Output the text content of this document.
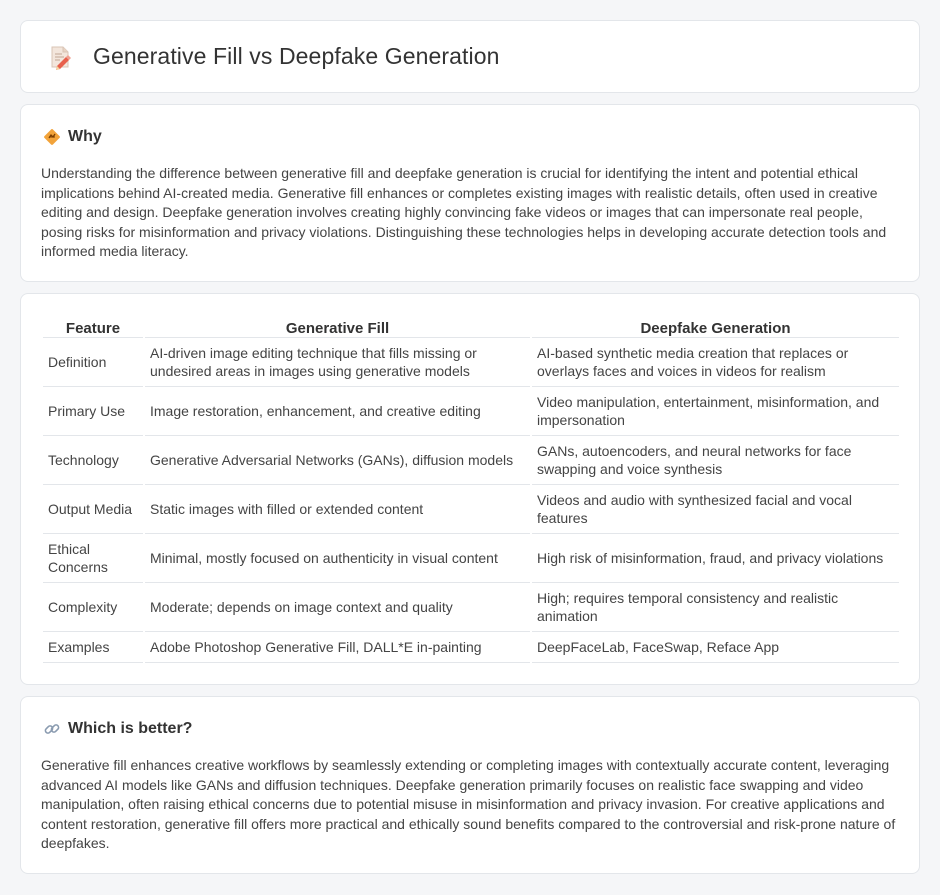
Generative Fill vs Deepfake Generation
Why

Understanding the difference between generative fill and deepfake generation is crucial for identifying the intent and potential ethical implications behind AI-created media. Generative fill enhances or completes existing images with realistic details, often used in creative editing and design. Deepfake generation involves creating highly convincing fake videos or images that can impersonate real people, posing risks for misinformation and privacy violations. Distinguishing these technologies helps in developing accurate detection tools and informed media literacy.

Feature	Generative Fill	Deepfake Generation
Definition	AI-driven image editing technique that fills missing or undesired areas in images using generative models	AI-based synthetic media creation that replaces or overlays faces and voices in videos for realism
Primary Use	Image restoration, enhancement, and creative editing	Video manipulation, entertainment, misinformation, and impersonation
Technology	Generative Adversarial Networks (GANs), diffusion models	GANs, autoencoders, and neural networks for face swapping and voice synthesis
Output Media	Static images with filled or extended content	Videos and audio with synthesized facial and vocal features
Ethical Concerns	Minimal, mostly focused on authenticity in visual content	High risk of misinformation, fraud, and privacy violations
Complexity	Moderate; depends on image context and quality	High; requires temporal consistency and realistic animation
Examples	Adobe Photoshop Generative Fill, DALL*E in-painting	DeepFaceLab, FaceSwap, Reface App
Which is better?

Generative fill enhances creative workflows by seamlessly extending or completing images with contextually accurate content, leveraging advanced AI models like GANs and diffusion techniques. Deepfake generation primarily focuses on realistic face swapping and video manipulation, often raising ethical concerns due to potential misuse in misinformation and privacy invasion. For creative applications and content restoration, generative fill offers more practical and ethically sound benefits compared to the controversial and risk-prone nature of deepfakes.
